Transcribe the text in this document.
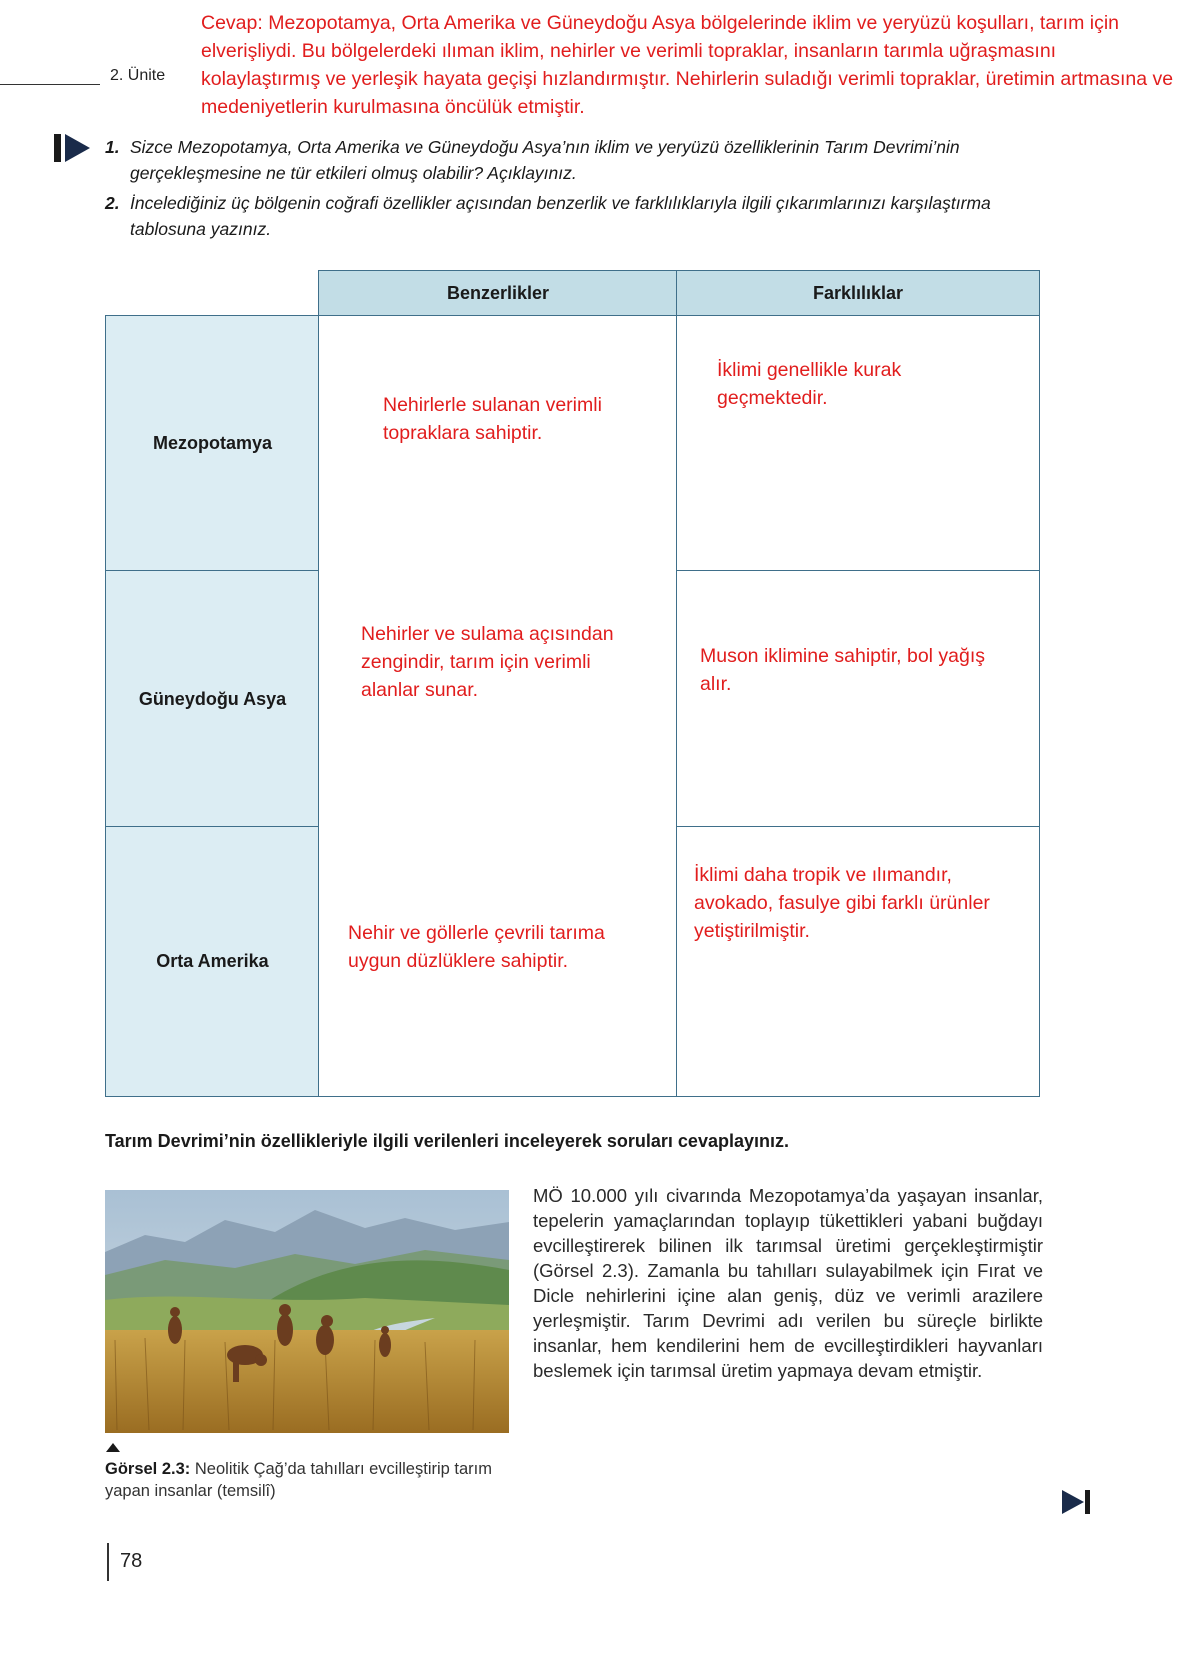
2. Ünite
Cevap: Mezopotamya, Orta Amerika ve Güneydoğu Asya bölgelerinde iklim ve yeryüzü koşulları, tarım için elverişliydi. Bu bölgelerdeki ılıman iklim, nehirler ve verimli topraklar, insanların tarımla uğraşmasını kolaylaştırmış ve yerleşik hayata geçişi hızlandırmıştır. Nehirlerin suladığı verimli topraklar, üretimin artmasına ve medeniyetlerin kurulmasına öncülük etmiştir.
1. Sizce Mezopotamya, Orta Amerika ve Güneydoğu Asya’nın iklim ve yeryüzü özelliklerinin Tarım Devrimi’nin gerçekleşmesine ne tür etkileri olmuş olabilir? Açıklayınız.
2. İncelediğiniz üç bölgenin coğrafi özellikler açısından benzerlik ve farklılıklarıyla ilgili çıkarımlarınızı karşılaştırma tablosuna yazınız.
Benzerlikler	Farklılıklar
Mezopotamya
Güneydoğu Asya
Orta Amerika
Nehirlerle sulanan verimli topraklara sahiptir.
Nehirler ve sulama açısından zengindir, tarım için verimli alanlar sunar.
Nehir ve göllerle çevrili tarıma uygun düzlüklere sahiptir.
İklimi genellikle kurak geçmektedir.
Muson iklimine sahiptir, bol yağış alır.
İklimi daha tropik ve ılımandır, avokado, fasulye gibi farklı ürünler yetiştirilmiştir.
Tarım Devrimi’nin özellikleriyle ilgili verilenleri inceleyerek soruları cevaplayınız.
Görsel 2.3: Neolitik Çağ’da tahılları evcilleştirip tarım yapan insanlar (temsilî)
MÖ 10.000 yılı civarında Mezopotamya’da yaşayan insanlar, tepelerin yamaçlarından toplayıp tükettikleri yabani buğdayı evcilleştirerek bilinen ilk tarımsal üretimi gerçekleştirmiştir (Görsel 2.3). Zamanla bu tahılları sulayabilmek için Fırat ve Dicle nehirlerini içine alan geniş, düz ve verimli arazilere yerleşmiştir. Tarım Devrimi adı verilen bu süreçle birlikte insanlar, hem kendilerini hem de evcilleştirdikleri hayvanları beslemek için tarımsal üretim yapmaya devam etmiştir.
78
